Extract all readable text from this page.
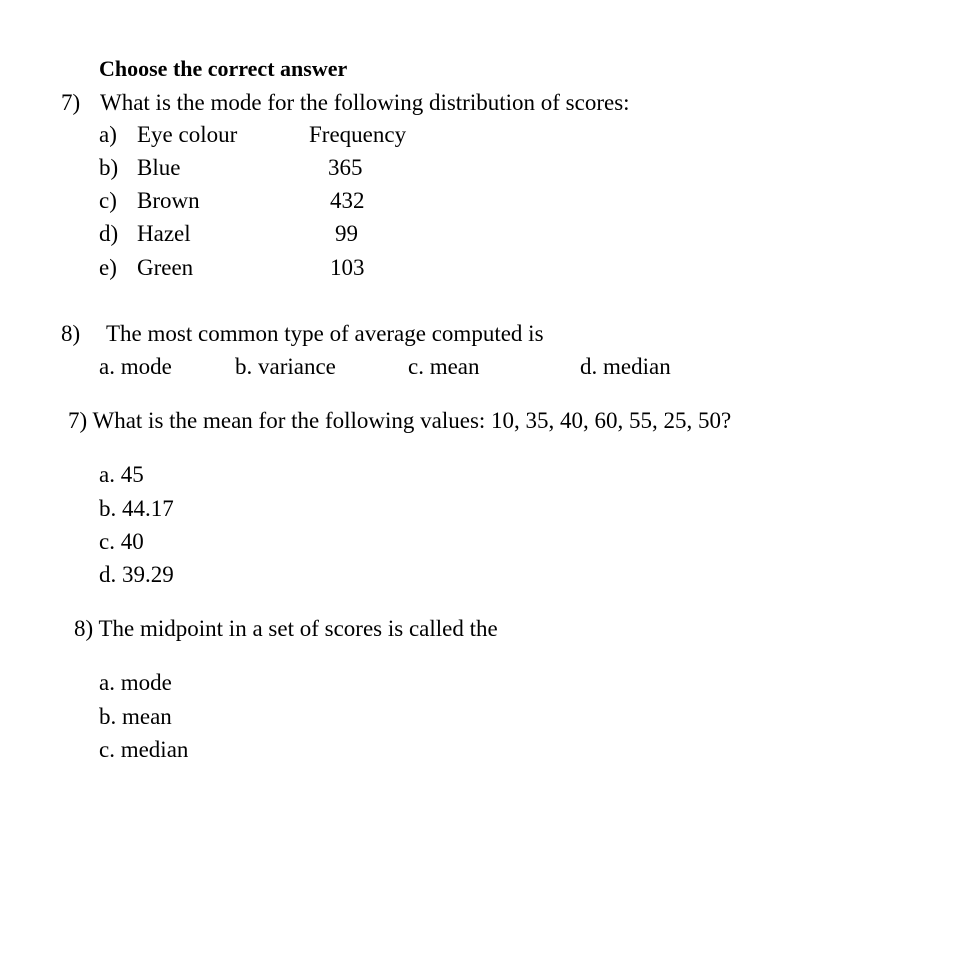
Choose the correct answer
7) What is the mode for the following distribution of scores:
a) Eye colour	Frequency
b) Blue	365
c) Brown	432
d) Hazel	99
e) Green	103
8) The most common type of average computed is
a. mode	b. variance	c. mean	d. median
7) What is the mean for the following values: 10, 35, 40, 60, 55, 25, 50?
a. 45
b. 44.17
c. 40
d. 39.29
8) The midpoint in a set of scores is called the
a. mode
b. mean
c. median
